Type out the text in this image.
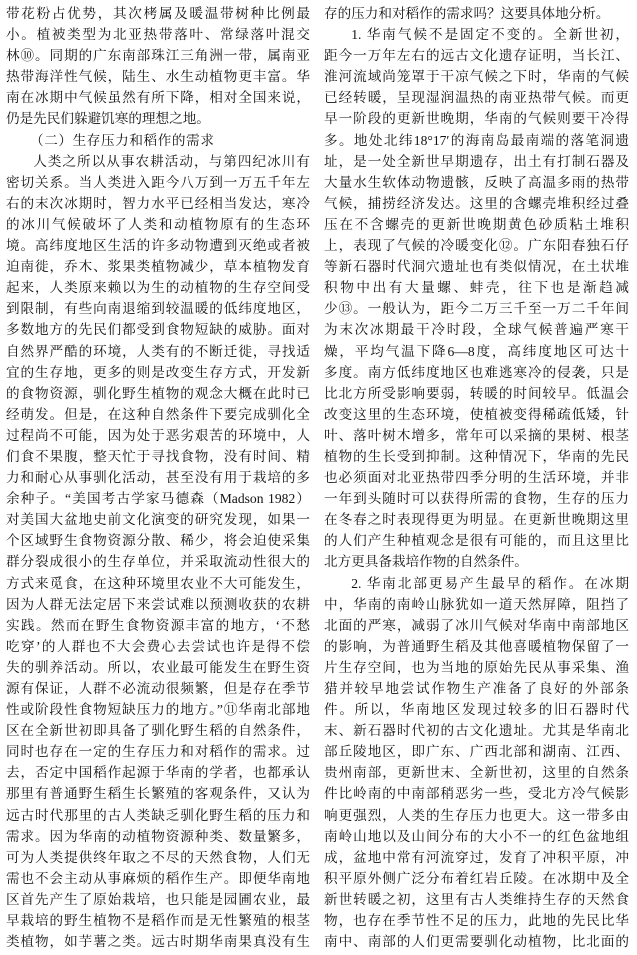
带花粉占优势，其次栲属及暖温带树种比例最
小。植被类型为北亚热带落叶、常绿落叶混交
林⑩。同期的广东南部珠江三角洲一带，属南亚
热带海洋性气候，陆生、水生动植物更丰富。华
南在冰期中气候虽然有所下降，相对全国来说，
仍是先民们躲避饥寒的理想之地。
（二）生存压力和稻作的需求
人类之所以从事农耕活动，与第四纪冰川有
密切关系。当人类进入距今八万到一万五千年左
右的末次冰期时，智力水平已经相当发达，寒冷
的冰川气候破坏了人类和动植物原有的生态环
境。高纬度地区生活的许多动物遭到灭绝或者被
迫南徙，乔木、浆果类植物减少，草本植物发育
起来，人类原来赖以为生的动植物的生存空间受
到限制，有些向南退缩到较温暖的低纬度地区，
多数地方的先民们都受到食物短缺的威胁。面对
自然界严酷的环境，人类有的不断迁徙，寻找适
宜的生存地，更多的则是改变生存方式，开发新
的食物资源，驯化野生植物的观念大概在此时已
经萌发。但是，在这种自然条件下要完成驯化全
过程尚不可能，因为处于恶劣艰苦的环境中，人
们食不果腹，整天忙于寻找食物，没有时间、精
力和耐心从事驯化活动，甚至没有用于栽培的多
余种子。“美国考古学家马德森（Madson 1982）
对美国大盆地史前文化演变的研究发现，如果一
个区域野生食物资源分散、稀少，将会迫使采集
群分裂成很小的生存单位，并采取流动性很大的
方式来觅食，在这种环境里农业不大可能发生，
因为人群无法定居下来尝试难以预测收获的农耕
实践。然而在野生食物资源丰富的地方，‘不愁
吃穿’的人群也不大会费心去尝试也许是得不偿
失的驯养活动。所以，农业最可能发生在野生资
源有保证，人群不必流动很频繁，但是存在季节
性或阶段性食物短缺压力的地方。”⑪华南北部地
区在全新世初即具备了驯化野生稻的自然条件，
同时也存在一定的生存压力和对稻作的需求。过
去，否定中国稻作起源于华南的学者，也都承认
那里有普通野生稻生长繁殖的客观条件，又认为
远古时代那里的古人类缺乏驯化野生稻的压力和
需求。因为华南的动植物资源种类、数量繁多，
可为人类提供终年取之不尽的天然食物，人们无
需也不会主动从事麻烦的稻作生产。即便华南地
区首先产生了原始栽培，也只能是园圃农业，最
早栽培的野生植物不是稻作而是无性繁殖的根茎
类植物，如芋薯之类。远古时期华南果真没有生
存的压力和对稻作的需求吗？这要具体地分析。
1. 华南气候不是固定不变的。全新世初，
距今一万年左右的远古文化遗存证明，当长江、
淮河流域尚笼罩于干凉气候之下时，华南的气候
已经转暖，呈现湿润温热的南亚热带气候。而更
早一阶段的更新世晚期，华南的气候则要干冷得
多。地处北纬18°17′的海南岛最南端的落笔洞遗
址，是一处全新世早期遗存，出土有打制石器及
大量水生软体动物遗骸，反映了高温多雨的热带
气候，捕捞经济发达。这里的含螺壳堆积经过叠
压在不含螺壳的更新世晚期黄色砂质粘土堆积
上，表现了气候的冷暖变化⑫。广东阳春独石仔
等新石器时代洞穴遗址也有类似情况，在土状堆
积物中出有大量螺、蚌壳，往下也是渐趋减
少⑬。一般认为，距今二万三千至一万二千年间
为末次冰期最干冷时段，全球气候普遍严寒干
燥，平均气温下降6—8度，高纬度地区可达十
多度。南方低纬度地区也难逃寒冷的侵袭，只是
比北方所受影响要弱，转暖的时间较早。低温会
改变这里的生态环境，使植被变得稀疏低矮，针
叶、落叶树木增多，常年可以采摘的果树、根茎
植物的生长受到抑制。这种情况下，华南的先民
也必须面对北亚热带四季分明的生活环境，并非
一年到头随时可以获得所需的食物，生存的压力
在冬春之时表现得更为明显。在更新世晚期这里
的人们产生种植观念是很有可能的，而且这里比
北方更具备栽培作物的自然条件。
2. 华南北部更易产生最早的稻作。在冰期
中，华南的南岭山脉犹如一道天然屏障，阻挡了
北面的严寒，减弱了冰川气候对华南中南部地区
的影响，为普通野生稻及其他喜暖植物保留了一
片生存空间，也为当地的原始先民从事采集、渔
猎并较早地尝试作物生产准备了良好的外部条
件。所以，华南地区发现过较多的旧石器时代
末、新石器时代初的古文化遗址。尤其是华南北
部丘陵地区，即广东、广西北部和湖南、江西、
贵州南部，更新世末、全新世初，这里的自然条
件比岭南的中南部稍恶劣一些，受北方冷气候影
响更强烈，人类的生存压力也更大。这一带多由
南岭山地以及山间分布的大小不一的红色盆地组
成，盆地中常有河流穿过，发育了冲积平原，冲
积平原外侧广泛分布着红岩丘陵。在冰期中及全
新世转暖之初，这里有古人类维持生存的天然食
物，也存在季节性不足的压力，此地的先民比华
南中、南部的人们更需要驯化动植物，比北面的
